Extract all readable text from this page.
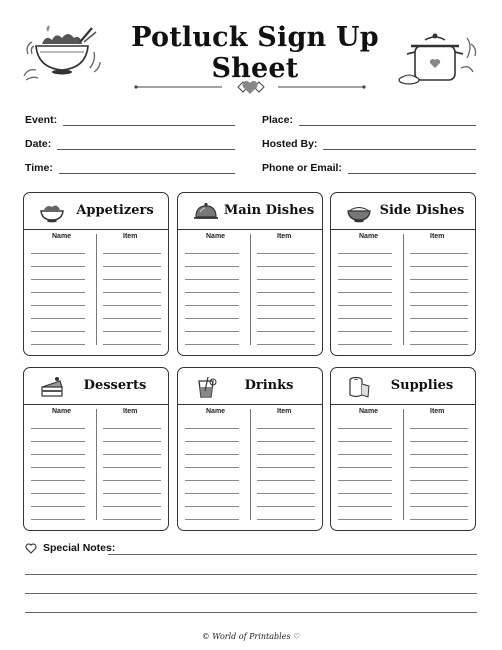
Potluck Sign Up Sheet
Event:
Date:
Time:
Place:
Hosted By:
Phone or Email:
Appetizers
Name	Item
Main Dishes
Name	Item
Side Dishes
Name	Item
Desserts
Name	Item
Drinks
Name	Item
Supplies
Name	Item
Special Notes:
© World of Printables ♡
